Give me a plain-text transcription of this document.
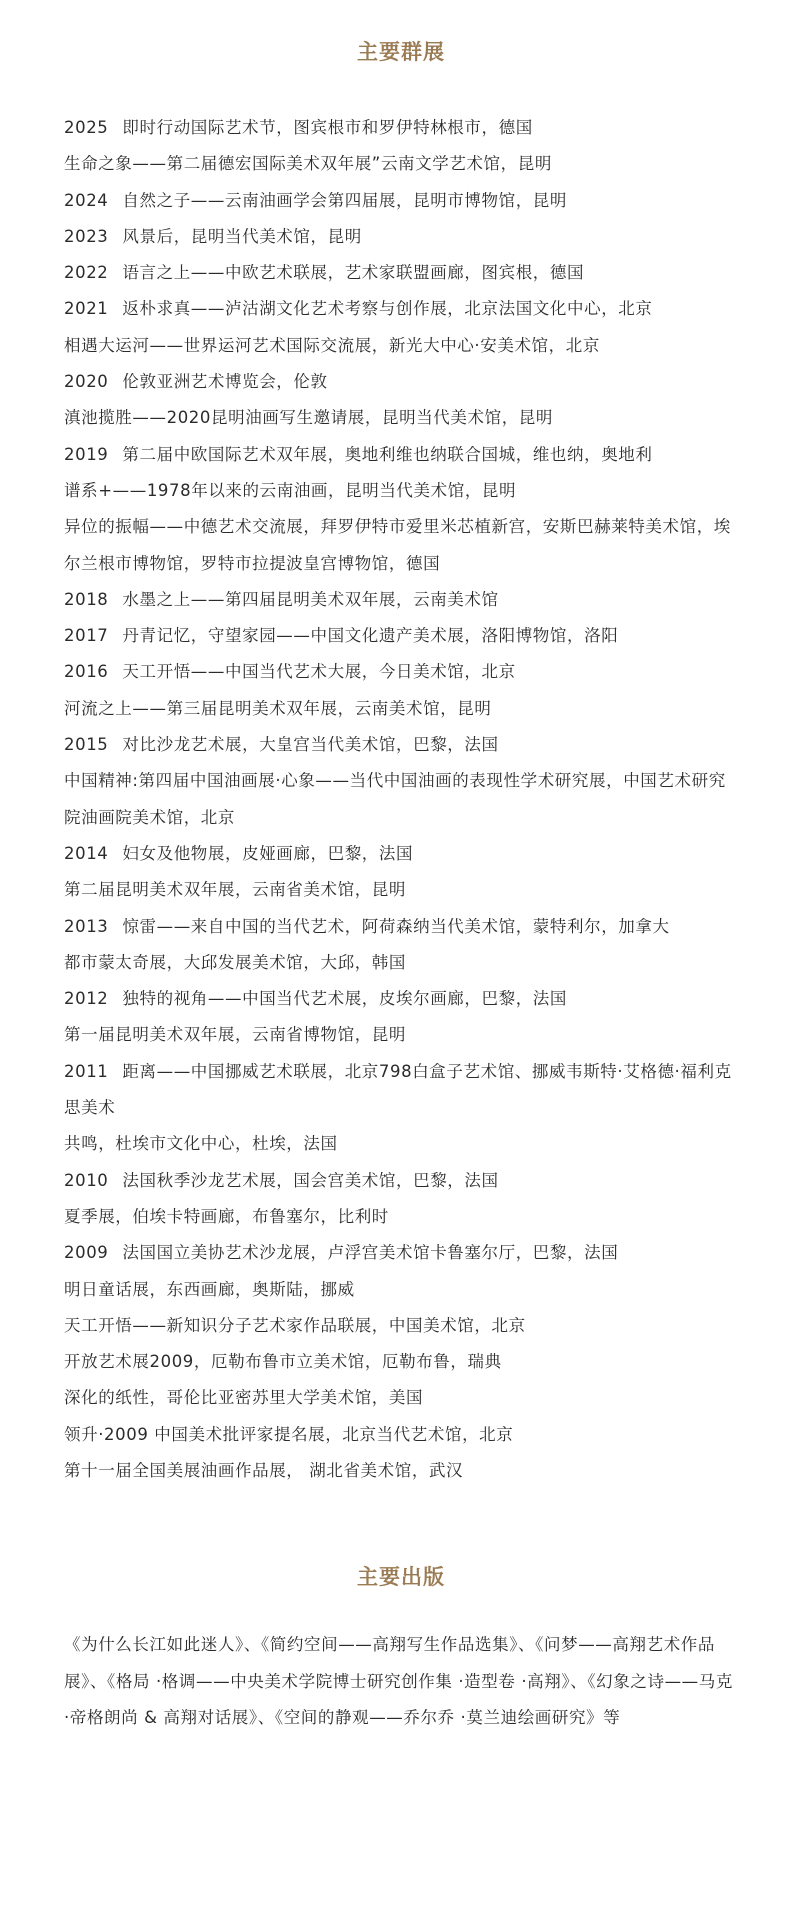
主要群展
2025 即时行动国际艺术节，图宾根市和罗伊特林根市，德国
生命之象——第二届德宏国际美术双年展”云南文学艺术馆，昆明
2024 自然之子——云南油画学会第四届展，昆明市博物馆，昆明
2023 风景后，昆明当代美术馆，昆明
2022 语言之上——中欧艺术联展，艺术家联盟画廊，图宾根，德国
2021 返朴求真——泸沽湖文化艺术考察与创作展，北京法国文化中心，北京
相遇大运河——世界运河艺术国际交流展，新光大中心·安美术馆，北京
2020 伦敦亚洲艺术博览会，伦敦
滇池揽胜——2020昆明油画写生邀请展，昆明当代美术馆，昆明
2019 第二届中欧国际艺术双年展，奥地利维也纳联合国城，维也纳，奥地利
谱系+——1978年以来的云南油画，昆明当代美术馆，昆明
异位的振幅——中德艺术交流展，拜罗伊特市爱里米芯植新宫，安斯巴赫莱特美术馆，埃尔兰根市博物馆，罗特市拉提波皇宫博物馆，德国
2018 水墨之上——第四届昆明美术双年展，云南美术馆
2017 丹青记忆，守望家园——中国文化遗产美术展，洛阳博物馆，洛阳
2016 天工开悟——中国当代艺术大展，今日美术馆，北京
河流之上——第三届昆明美术双年展，云南美术馆，昆明
2015 对比沙龙艺术展，大皇宫当代美术馆，巴黎，法国
中国精神:第四届中国油画展·心象——当代中国油画的表现性学术研究展，中国艺术研究院油画院美术馆，北京
2014 妇女及他物展，皮娅画廊，巴黎，法国
第二届昆明美术双年展，云南省美术馆，昆明
2013 惊雷——来自中国的当代艺术，阿荷森纳当代美术馆，蒙特利尔，加拿大
都市蒙太奇展，大邱发展美术馆，大邱，韩国
2012 独特的视角——中国当代艺术展，皮埃尔画廊，巴黎，法国
第一届昆明美术双年展，云南省博物馆，昆明
2011 距离——中国挪威艺术联展，北京798白盒子艺术馆、挪威韦斯特·艾格德·福利克 思美术
共鸣，杜埃市文化中心，杜埃，法国
2010 法国秋季沙龙艺术展，国会宫美术馆，巴黎，法国
夏季展，伯埃卡特画廊，布鲁塞尔，比利时
2009 法国国立美协艺术沙龙展，卢浮宫美术馆卡鲁塞尔厅，巴黎，法国
明日童话展，东西画廊，奥斯陆，挪威
天工开悟——新知识分子艺术家作品联展，中国美术馆，北京
开放艺术展2009，厄勒布鲁市立美术馆，厄勒布鲁，瑞典
深化的纸性，哥伦比亚密苏里大学美术馆，美国
领升·2009 中国美术批评家提名展，北京当代艺术馆，北京
第十一届全国美展油画作品展， 湖北省美术馆，武汉
主要出版

《为什么长江如此迷人》、《简约空间——高翔写生作品选集》、《问梦——高翔艺术作品展》、《格局 ·格调——中央美术学院博士研究创作集 ·造型卷 ·高翔》、《幻象之诗——马克 ·帝格朗尚 & 高翔对话展》、《空间的静观——乔尔乔 ·莫兰迪绘画研究》等
